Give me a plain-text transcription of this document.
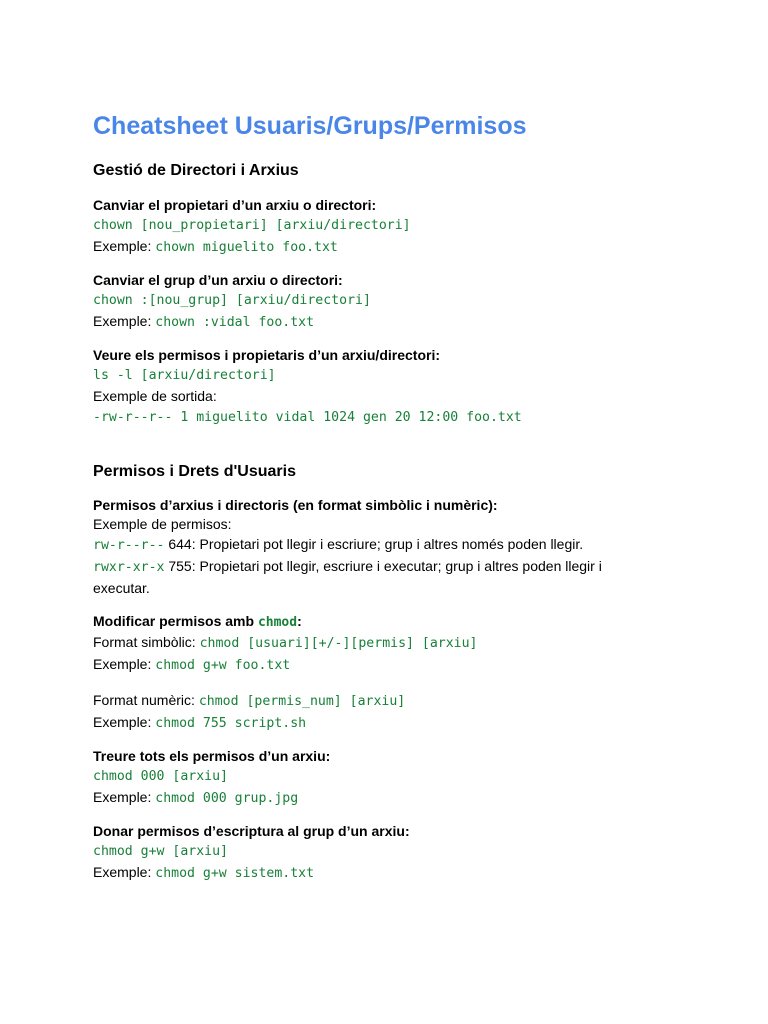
Cheatsheet Usuaris/Grups/Permisos
Gestió de Directori i Arxius
Canviar el propietari d’un arxiu o directori:
chown [nou_propietari] [arxiu/directori]
Exemple: chown miguelito foo.txt
Canviar el grup d’un arxiu o directori:
chown :[nou_grup] [arxiu/directori]
Exemple: chown :vidal foo.txt
Veure els permisos i propietaris d’un arxiu/directori:
ls -l [arxiu/directori]
Exemple de sortida:
-rw-r--r-- 1 miguelito vidal 1024 gen 20 12:00 foo.txt
Permisos i Drets d'Usuaris
Permisos d’arxius i directoris (en format simbòlic i numèric):
Exemple de permisos:
rw-r--r-- 644: Propietari pot llegir i escriure; grup i altres només poden llegir.
rwxr-xr-x 755: Propietari pot llegir, escriure i executar; grup i altres poden llegir i executar.
Modificar permisos amb chmod:
Format simbòlic: chmod [usuari][+/-][permis] [arxiu]
Exemple: chmod g+w foo.txt
Format numèric: chmod [permis_num] [arxiu]
Exemple: chmod 755 script.sh
Treure tots els permisos d’un arxiu:
chmod 000 [arxiu]
Exemple: chmod 000 grup.jpg
Donar permisos d’escriptura al grup d’un arxiu:
chmod g+w [arxiu]
Exemple: chmod g+w sistem.txt
